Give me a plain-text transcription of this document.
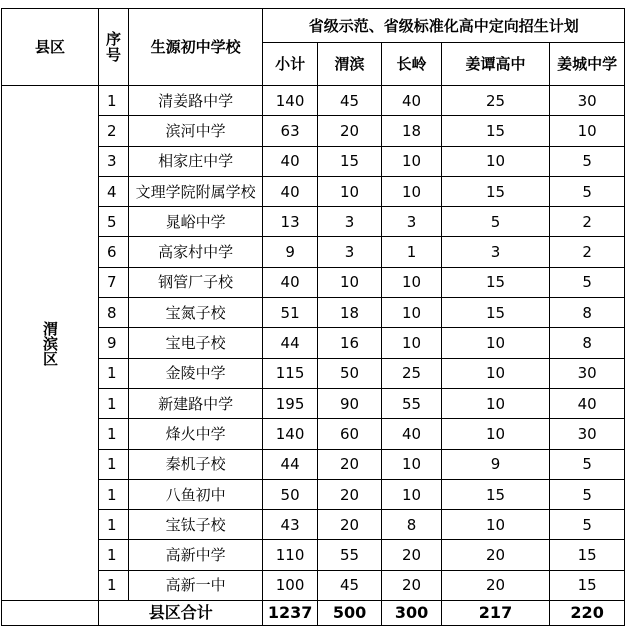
县区	序号	生源初中学校	省级示范、省级标准化高中定向招生计划				
			小计	渭滨	长岭	姜谭高中	姜城中学
渭滨区	1	清姜路中学	140	45	40	25	30
	2	滨河中学	63	20	18	15	10
	3	相家庄中学	40	15	10	10	5
	4	文理学院附属学校	40	10	10	15	5
	5	晁峪中学	13	3	3	5	2
	6	高家村中学	9	3	1	3	2
	7	钢管厂子校	40	10	10	15	5
	8	宝氮子校	51	18	10	15	8
	9	宝电子校	44	16	10	10	8
	1	金陵中学	115	50	25	10	30
	1	新建路中学	195	90	55	10	40
	1	烽火中学	140	60	40	10	30
	1	秦机子校	44	20	10	9	5
	1	八鱼初中	50	20	10	15	5
	1	宝钛子校	43	20	8	10	5
	1	高新中学	110	55	20	20	15
	1	高新一中	100	45	20	20	15
	县区合计		1237	500	300	217	220
